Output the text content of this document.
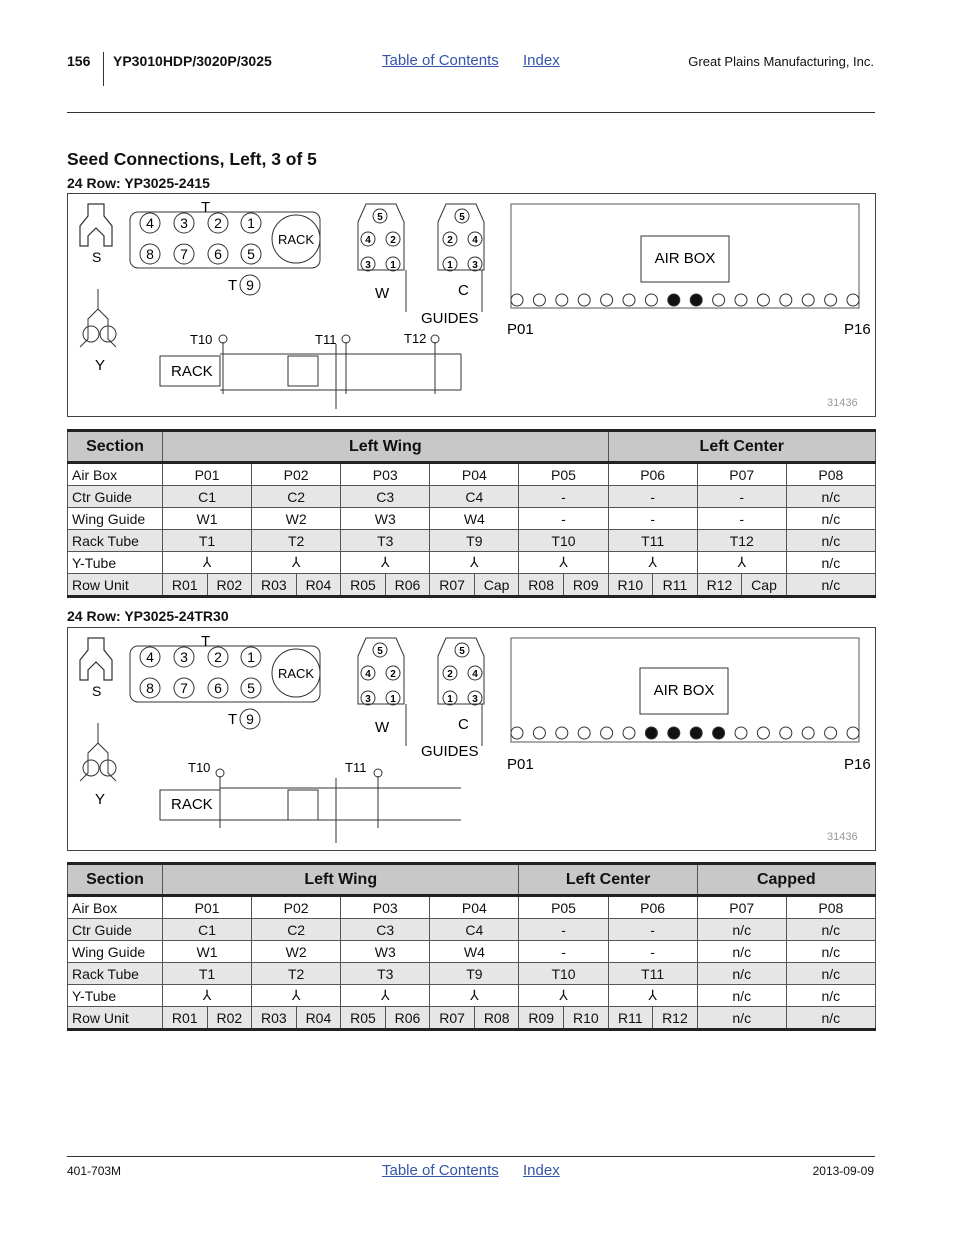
156 YP3010HDP/3020P/3025	Table of Contents Index	Great Plains Manufacturing, Inc.
Seed Connections, Left, 3 of 5
24 Row: YP3025-2415
S
T
4 3 2 1
8 7 6 5
9
RACK
T
Y
5
4 2
3 1
W
5
2 4
1 3
C
GUIDES
AIR BOX
P01	P16
RACK
T10	T11	T12
31436
Section	Left Wing										Left Center				
Air Box	P01		P02		P03		P04		P05		P06		P07		P08
Ctr Guide	C1		C2		C3		C4		-		-		-		n/c
Wing Guide	W1		W2		W3		W4		-		-		-		n/c
Rack Tube	T1		T2		T3		T9		T10		T11		T12		n/c
Y-Tube	⅄		⅄		⅄		⅄		⅄		⅄		⅄		n/c
Row Unit	R01	R02	R03	R04	R05	R06	R07	Cap	R08	R09	R10	R11	R12	Cap	n/c
24 Row: YP3025-24TR30
S
T
4 3 2 1
8 7 6 5
9
RACK
T
Y
5
4 2
3 1
W
5
2 4
1 3
C
GUIDES
AIR BOX
P01	P16
RACK
T10	T11
31436
Section	Left Wing								Left Center				Capped	
Air Box	P01		P02		P03		P04		P05		P06		P07	P08
Ctr Guide	C1		C2		C3		C4		-		-		n/c	n/c
Wing Guide	W1		W2		W3		W4		-		-		n/c	n/c
Rack Tube	T1		T2		T3		T9		T10		T11		n/c	n/c
Y-Tube	⅄		⅄		⅄		⅄		⅄		⅄		n/c	n/c
Row Unit	R01	R02	R03	R04	R05	R06	R07	R08	R09	R10	R11	R12	n/c	n/c
401-703M	Table of Contents Index	2013-09-09
